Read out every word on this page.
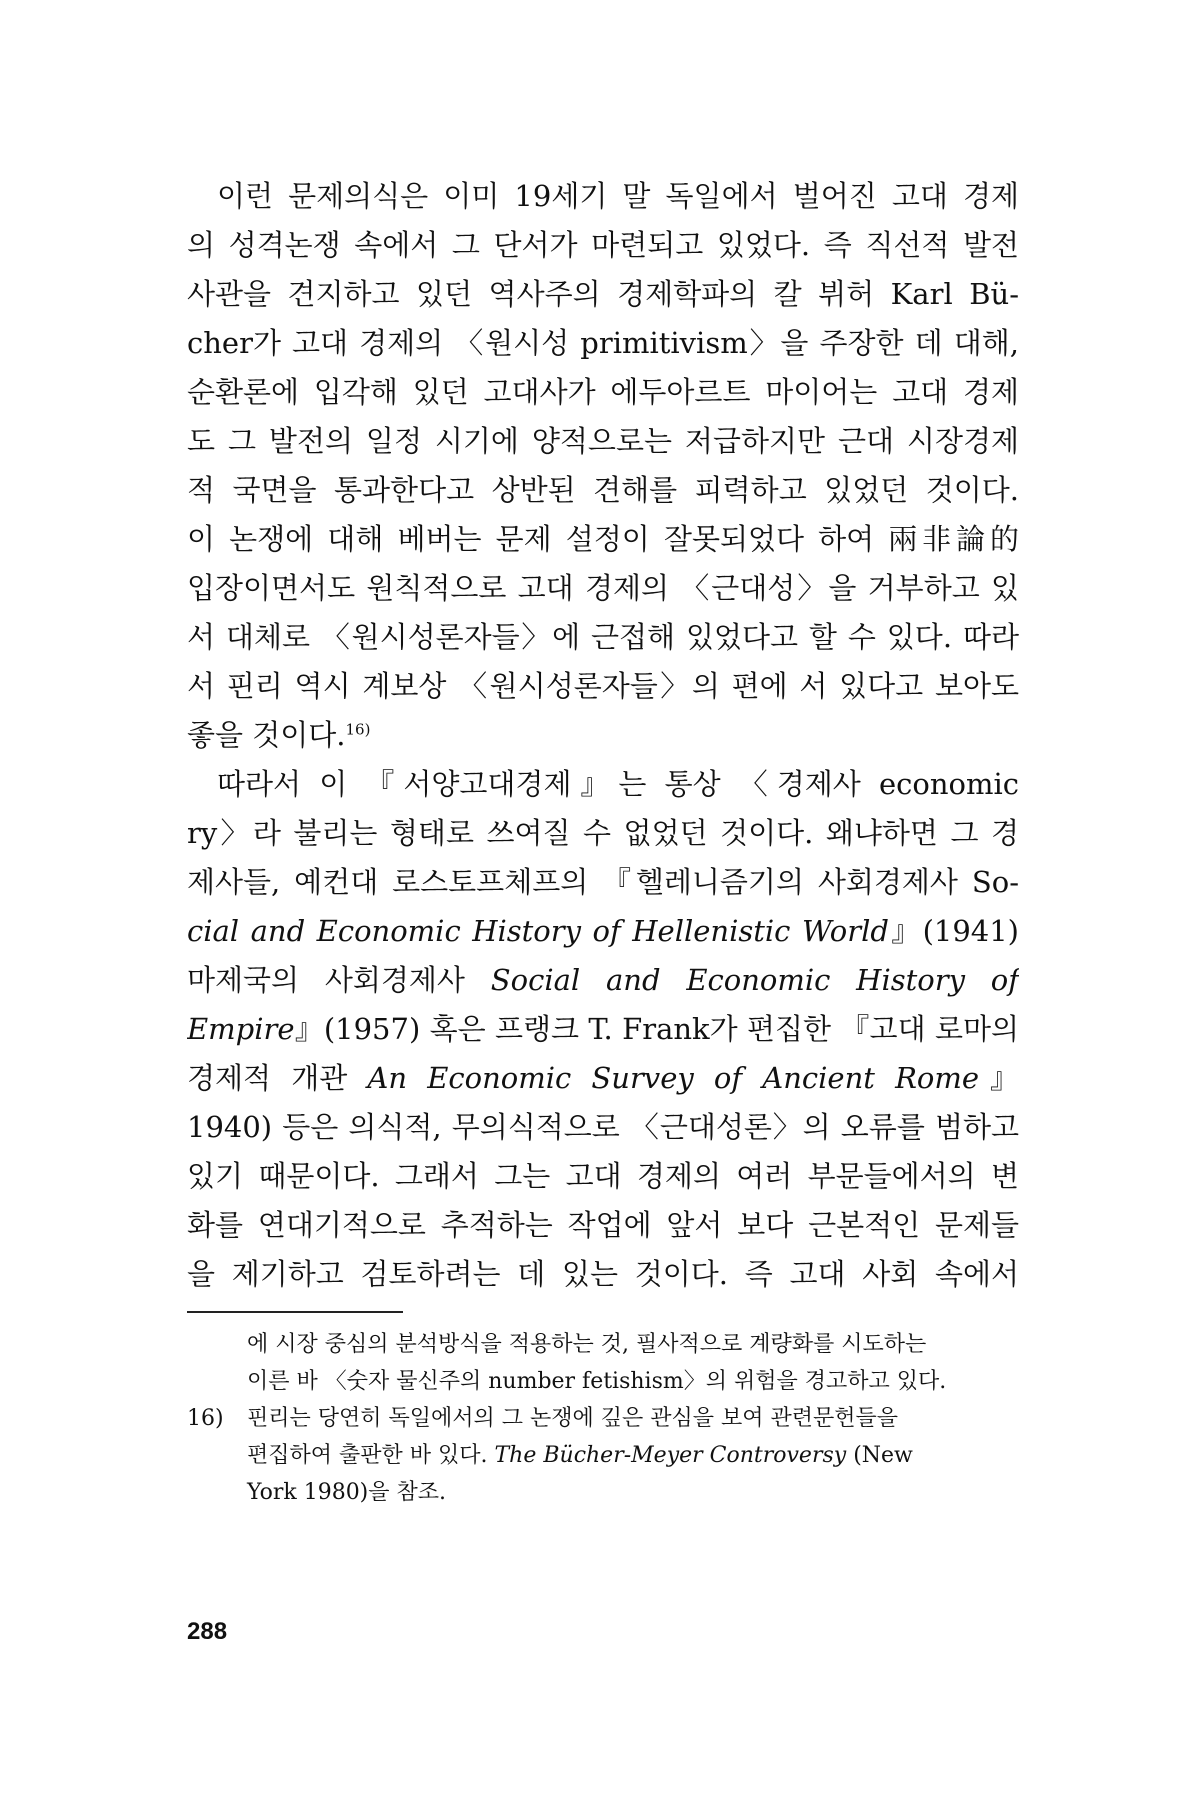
이런 문제의식은 이미 19세기 말 독일에서 벌어진 고대 경제
의 성격논쟁 속에서 그 단서가 마련되고 있었다. 즉 직선적 발전
사관을 견지하고 있던 역사주의 경제학파의 칼 뷔허 Karl Bü-
cher가 고대 경제의 〈원시성 primitivism〉을 주장한 데 대해,
순환론에 입각해 있던 고대사가 에두아르트 마이어는 고대 경제
도 그 발전의 일정 시기에 양적으로는 저급하지만 근대 시장경제
적 국면을 통과한다고 상반된 견해를 피력하고 있었던 것이다.
이 논쟁에 대해 베버는 문제 설정이 잘못되었다 하여 兩非論的
입장이면서도 원칙적으로 고대 경제의 〈근대성〉을 거부하고 있
서 대체로 〈원시성론자들〉에 근접해 있었다고 할 수 있다. 따라
서 핀리 역시 계보상 〈원시성론자들〉의 편에 서 있다고 보아도
좋을 것이다.$^{16)}$
따라서 이 『서양고대경제』는 통상 〈경제사 economic
ry〉라 불리는 형태로 쓰여질 수 없었던 것이다. 왜냐하면 그 경
제사들, 예컨대 로스토프체프의 『헬레니즘기의 사회경제사 So-
cial and Economic History of Hellenistic World』(1941)
마제국의 사회경제사 Social and Economic History of
Empire』(1957) 혹은 프랭크 T. Frank가 편집한 『고대 로마의
경제적 개관 An Economic Survey of Ancient Rome』
1940) 등은 의식적, 무의식적으로 〈근대성론〉의 오류를 범하고
있기 때문이다. 그래서 그는 고대 경제의 여러 부문들에서의 변
화를 연대기적으로 추적하는 작업에 앞서 보다 근본적인 문제들
을 제기하고 검토하려는 데 있는 것이다. 즉 고대 사회 속에서
에 시장 중심의 분석방식을 적용하는 것, 필사적으로 계량화를 시도하는
이른 바 〈숫자 물신주의 number fetishism〉의 위험을 경고하고 있다.
16) 핀리는 당연히 독일에서의 그 논쟁에 깊은 관심을 보여 관련문헌들을
편집하여 출판한 바 있다. The Bücher-Meyer Controversy (New
York 1980)을 참조.
288
